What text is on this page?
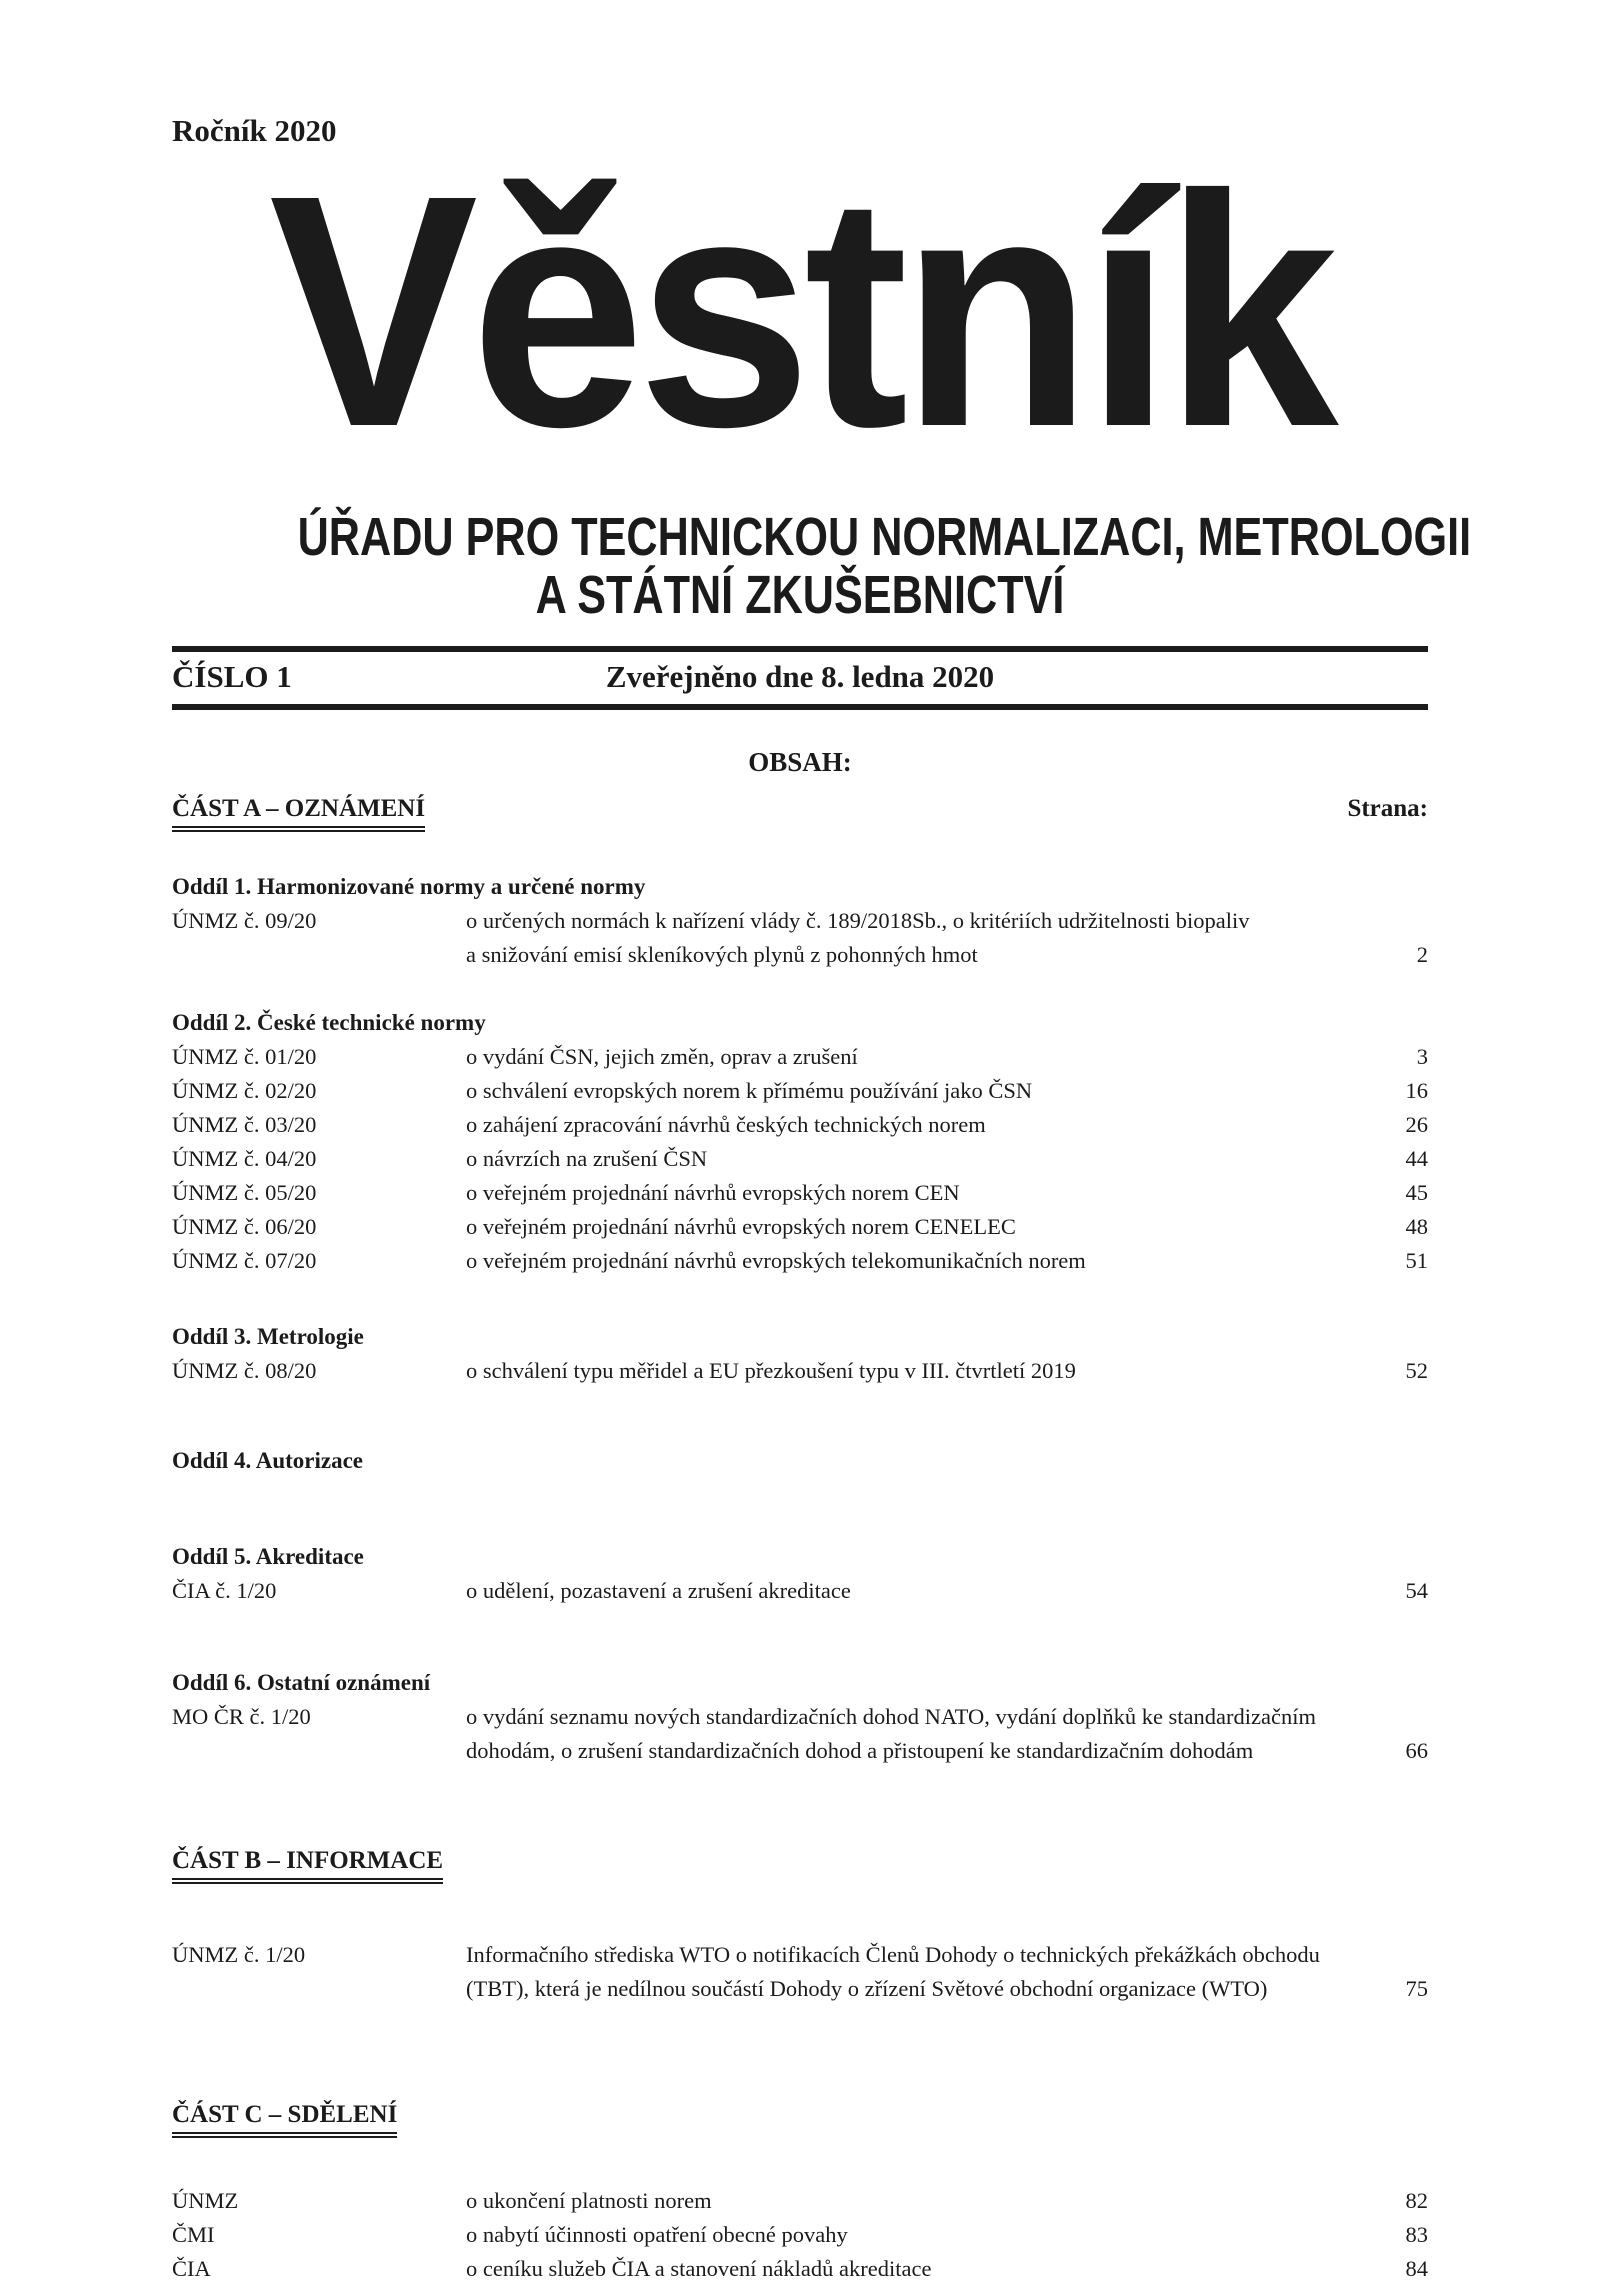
Ročník 2020
Věstník
ÚŘADU PRO TECHNICKOU NORMALIZACI, METROLOGII
A STÁTNÍ ZKUŠEBNICTVÍ
ČÍSLO 1	Zveřejněno dne 8. ledna 2020
OBSAH:
ČÁST A – OZNÁMENÍ	Strana:
Oddíl 1. Harmonizované normy a určené normy
ÚNMZ č. 09/20	o určených normách k nařízení vlády č. 189/2018Sb., o kritériích udržitelnosti biopaliv
a snižování emisí skleníkových plynů z pohonných hmot	2
Oddíl 2. České technické normy
ÚNMZ č. 01/20	o vydání ČSN, jejich změn, oprav a zrušení	3
ÚNMZ č. 02/20	o schválení evropských norem k přímému používání jako ČSN	16
ÚNMZ č. 03/20	o zahájení zpracování návrhů českých technických norem	26
ÚNMZ č. 04/20	o návrzích na zrušení ČSN	44
ÚNMZ č. 05/20	o veřejném projednání návrhů evropských norem CEN	45
ÚNMZ č. 06/20	o veřejném projednání návrhů evropských norem CENELEC	48
ÚNMZ č. 07/20	o veřejném projednání návrhů evropských telekomunikačních norem	51
Oddíl 3. Metrologie
ÚNMZ č. 08/20	o schválení typu měřidel a EU přezkoušení typu v III. čtvrtletí 2019	52
Oddíl 4. Autorizace
Oddíl 5. Akreditace
ČIA č. 1/20	o udělení, pozastavení a zrušení akreditace	54
Oddíl 6. Ostatní oznámení
MO ČR č. 1/20	o vydání seznamu nových standardizačních dohod NATO, vydání doplňků ke standardizačním
dohodám, o zrušení standardizačních dohod a přistoupení ke standardizačním dohodám	66
ČÁST B – INFORMACE
ÚNMZ č. 1/20	Informačního střediska WTO o notifikacích Členů Dohody o technických překážkách obchodu
(TBT), která je nedílnou součástí Dohody o zřízení Světové obchodní organizace (WTO)	75
ČÁST C – SDĚLENÍ
ÚNMZ	o ukončení platnosti norem	82
ČMI	o nabytí účinnosti opatření obecné povahy	83
ČIA	o ceníku služeb ČIA a stanovení nákladů akreditace	84
